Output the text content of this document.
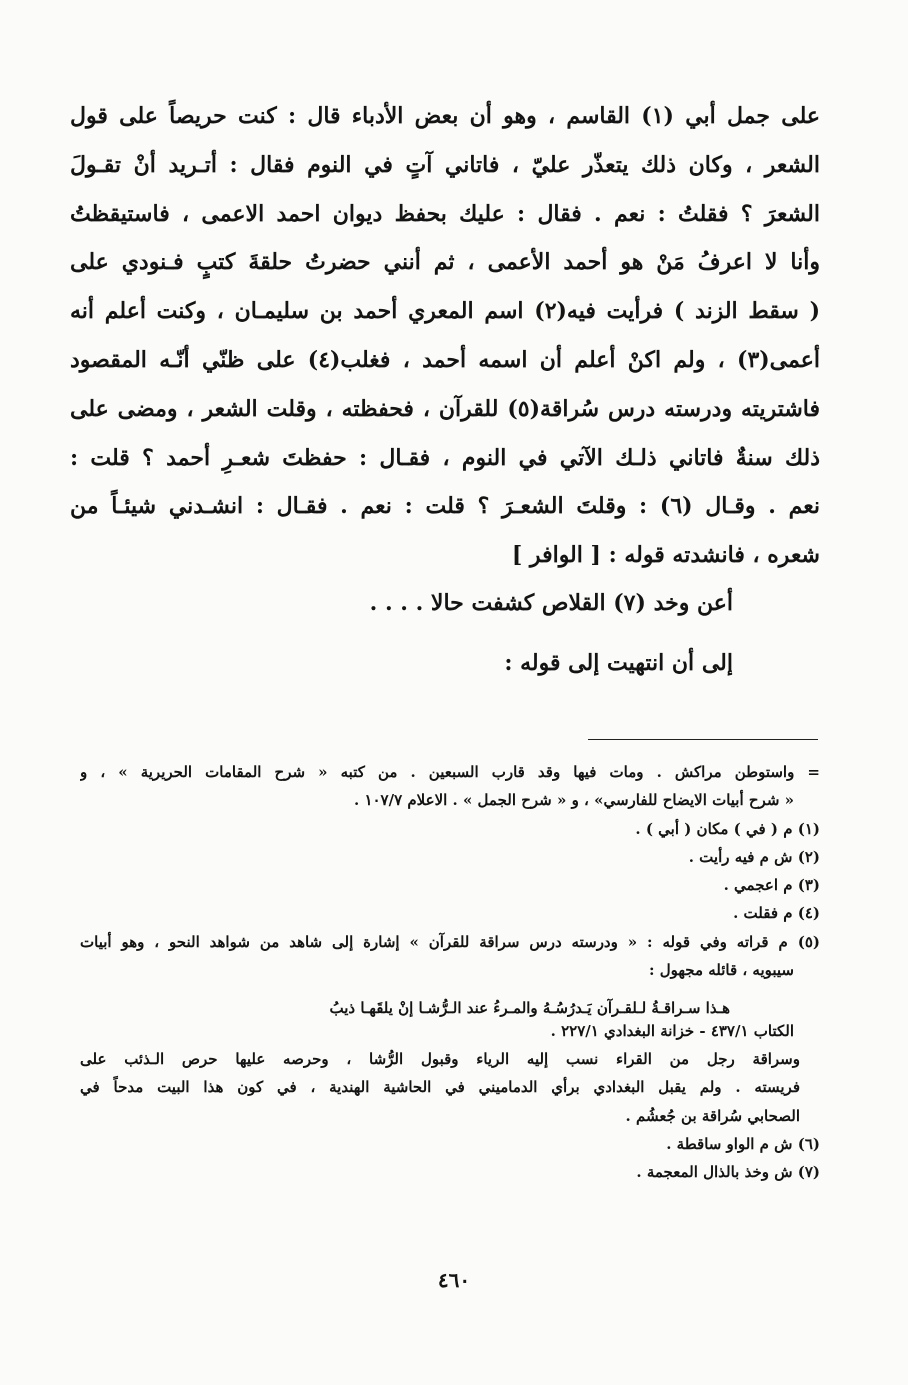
على جمل أبي (١) القاسم ، وهو أن بعض الأدباء قال : كنت حريصاً على قول
الشعر ، وكان ذلك يتعذّر عليّ ، فاتاني آتٍ في النوم فقال : أتـريد أنْ تقـولَ
الشعرَ ؟ فقلتُ : نعم . فقال : عليك بحفظ ديوان احمد الاعمى ، فاستيقظتُ
وأنا لا اعرفُ مَنْ هو أحمد الأعمى ، ثم أنني حضرتُ حلقةَ كتبٍ فـنودي على
( سقط الزند ) فرأيت فيه(٢) اسم المعري أحمد بن سليمـان ، وكنت أعلم أنه
أعمى(٣) ، ولم اكنْ أعلم أن اسمه أحمد ، فغلب(٤) على ظنّي أنّـه المقصود
فاشتريته ودرسته درس سُراقة(٥) للقرآن ، فحفظته ، وقلت الشعر ، ومضى على
ذلك سنةٌ فاتاني ذلـك الآتي في النوم ، فقـال : حفظتَ شعـرِ أحمد ؟ قلت :
نعم . وقـال (٦) : وقلتَ الشعـرَ ؟ قلت : نعم . فقـال : انشـدني شيئـاً من
شعره ، فانشدته قوله : [ الوافر ]
أعن وخد (٧) القلاص كشفت حالا . . . .
إلى أن انتهيت إلى قوله :
= واستوطن مراكش . ومات فيها وقد قارب السبعين . من كتبه « شرح المقامات الحريرية » ، و
« شرح أبيات الايضاح للفارسي» ، و « شرح الجمل » . الاعلام ١٠٧/٧ .
(١) م ( في ) مكان ( أبي ) .
(٢) ش م فيه رأيت .
(٣) م اعجمي .
(٤) م فقلت .
(٥) م قراته وفي قوله : « ودرسته درس سراقة للقرآن » إشارة إلى شاهد من شواهد النحو ، وهو أبيات
سيبويه ، قائله مجهول :
هـذا سـراقـةُ لـلقـرآن يَـدرُسُـهُ والمـرءُ عند الـرُّشـا إنْ يلقَهـا ذيبُ
الكتاب ٤٣٧/١ - خزانة البغدادي ٢٢٧/١ .
وسراقة رجل من القراء نسب إليه الرياء وقبول الرُّشا ، وحرصه عليها حرص الـذئب على
فريسته . ولم يقبل البغدادي برأي الدماميني في الحاشية الهندية ، في كون هذا البيت مدحاً في
الصحابي سُراقة بن جُعشُم .
(٦) ش م الواو ساقطة .
(٧) ش وخذ بالذال المعجمة .
٤٦٠
